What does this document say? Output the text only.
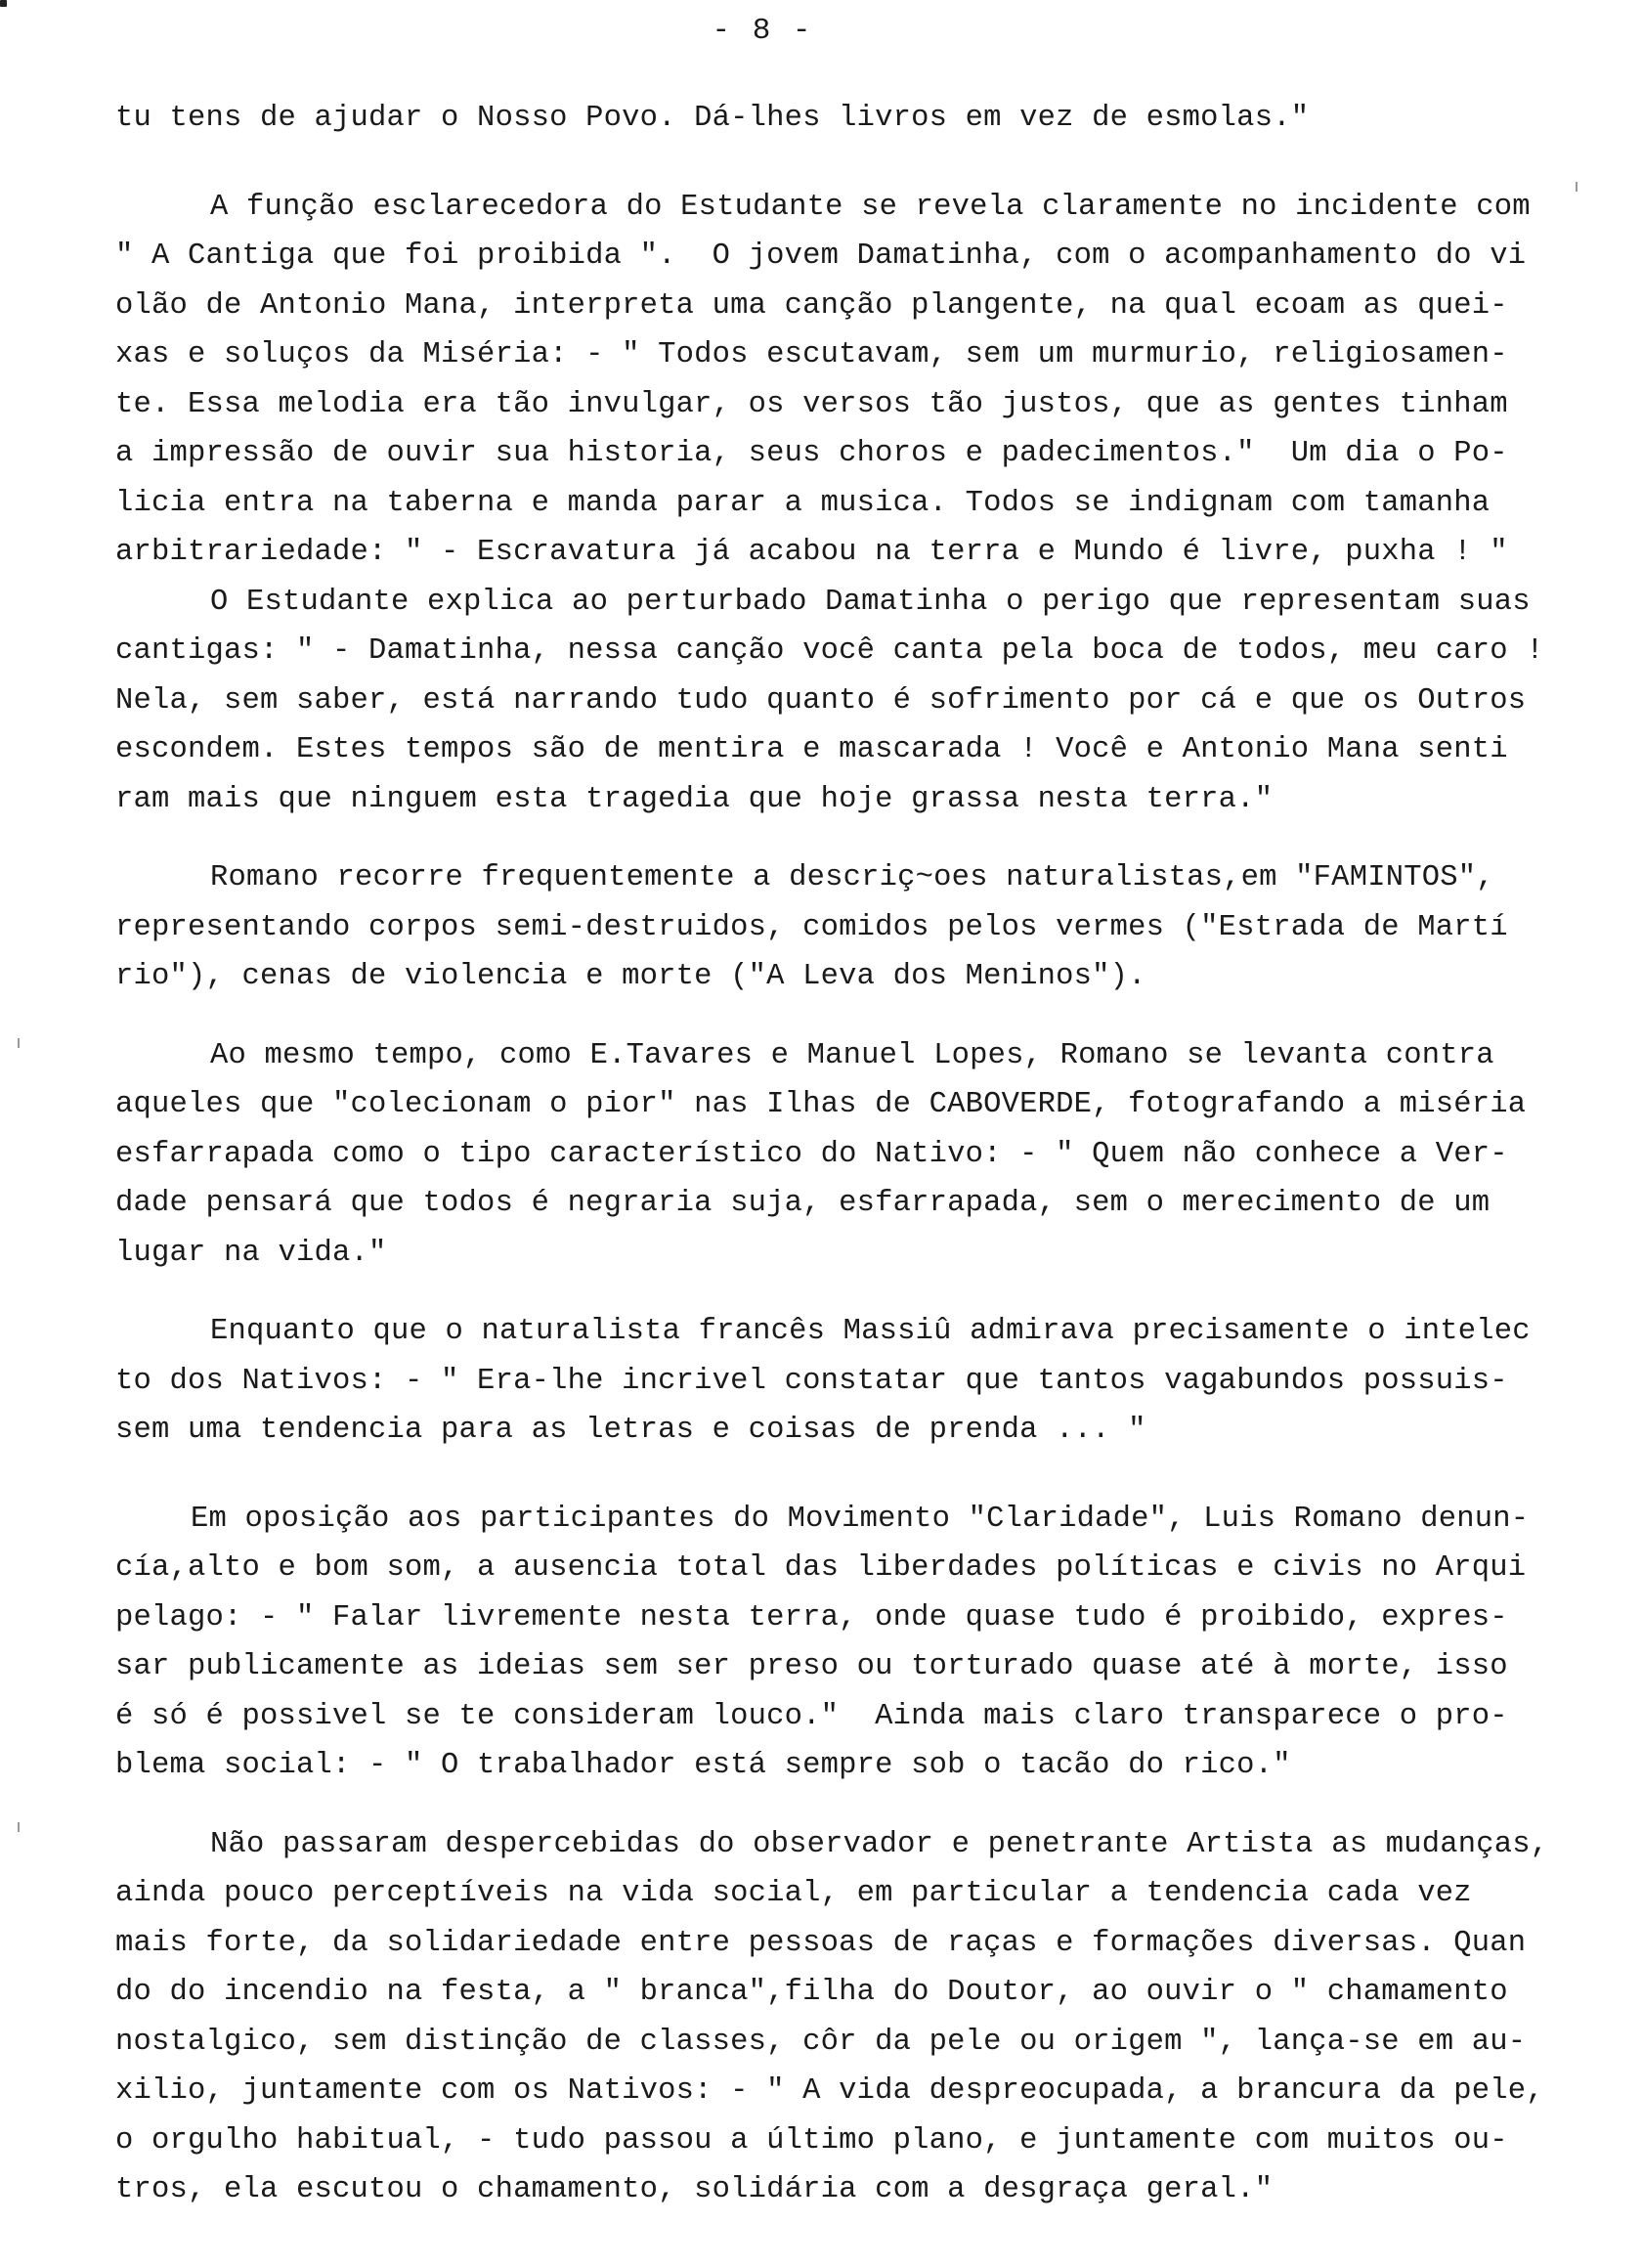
- 8 -
tu tens de ajudar o Nosso Povo. Dá-lhes livros em vez de esmolas."
A função esclarecedora do Estudante se revela claramente no incidente com
" A Cantiga que foi proibida ".  O jovem Damatinha, com o acompanhamento do vi
olão de Antonio Mana, interpreta uma canção plangente, na qual ecoam as quei-
xas e soluços da Miséria: - " Todos escutavam, sem um murmurio, religiosamen-
te. Essa melodia era tão invulgar, os versos tão justos, que as gentes tinham
a impressão de ouvir sua historia, seus choros e padecimentos."  Um dia o Po-
licia entra na taberna e manda parar a musica. Todos se indignam com tamanha
arbitrariedade: " - Escravatura já acabou na terra e Mundo é livre, puxha ! "
O Estudante explica ao perturbado Damatinha o perigo que representam suas
cantigas: " - Damatinha, nessa canção você canta pela boca de todos, meu caro !
Nela, sem saber, está narrando tudo quanto é sofrimento por cá e que os Outros
escondem. Estes tempos são de mentira e mascarada ! Você e Antonio Mana senti
ram mais que ninguem esta tragedia que hoje grassa nesta terra."
Romano recorre frequentemente a descriç~oes naturalistas,em "FAMINTOS",
representando corpos semi-destruidos, comidos pelos vermes ("Estrada de Martí
rio"), cenas de violencia e morte ("A Leva dos Meninos").
Ao mesmo tempo, como E.Tavares e Manuel Lopes, Romano se levanta contra
aqueles que "colecionam o pior" nas Ilhas de CABOVERDE, fotografando a miséria
esfarrapada como o tipo característico do Nativo: - " Quem não conhece a Ver-
dade pensará que todos é negraria suja, esfarrapada, sem o merecimento de um
lugar na vida."
Enquanto que o naturalista francês Massiû admirava precisamente o intelec
to dos Nativos: - " Era-lhe incrivel constatar que tantos vagabundos possuis-
sem uma tendencia para as letras e coisas de prenda ... "
Em oposição aos participantes do Movimento "Claridade", Luis Romano denun-
cía,alto e bom som, a ausencia total das liberdades políticas e civis no Arqui
pelago: - " Falar livremente nesta terra, onde quase tudo é proibido, expres-
sar publicamente as ideias sem ser preso ou torturado quase até à morte, isso
é só é possivel se te consideram louco."  Ainda mais claro transparece o pro-
blema social: - " O trabalhador está sempre sob o tacão do rico."
Não passaram despercebidas do observador e penetrante Artista as mudanças,
ainda pouco perceptíveis na vida social, em particular a tendencia cada vez
mais forte, da solidariedade entre pessoas de raças e formações diversas. Quan
do do incendio na festa, a " branca",filha do Doutor, ao ouvir o " chamamento
nostalgico, sem distinção de classes, côr da pele ou origem ", lança-se em au-
xilio, juntamente com os Nativos: - " A vida despreocupada, a brancura da pele,
o orgulho habitual, - tudo passou a último plano, e juntamente com muitos ou-
tros, ela escutou o chamamento, solidária com a desgraça geral."
